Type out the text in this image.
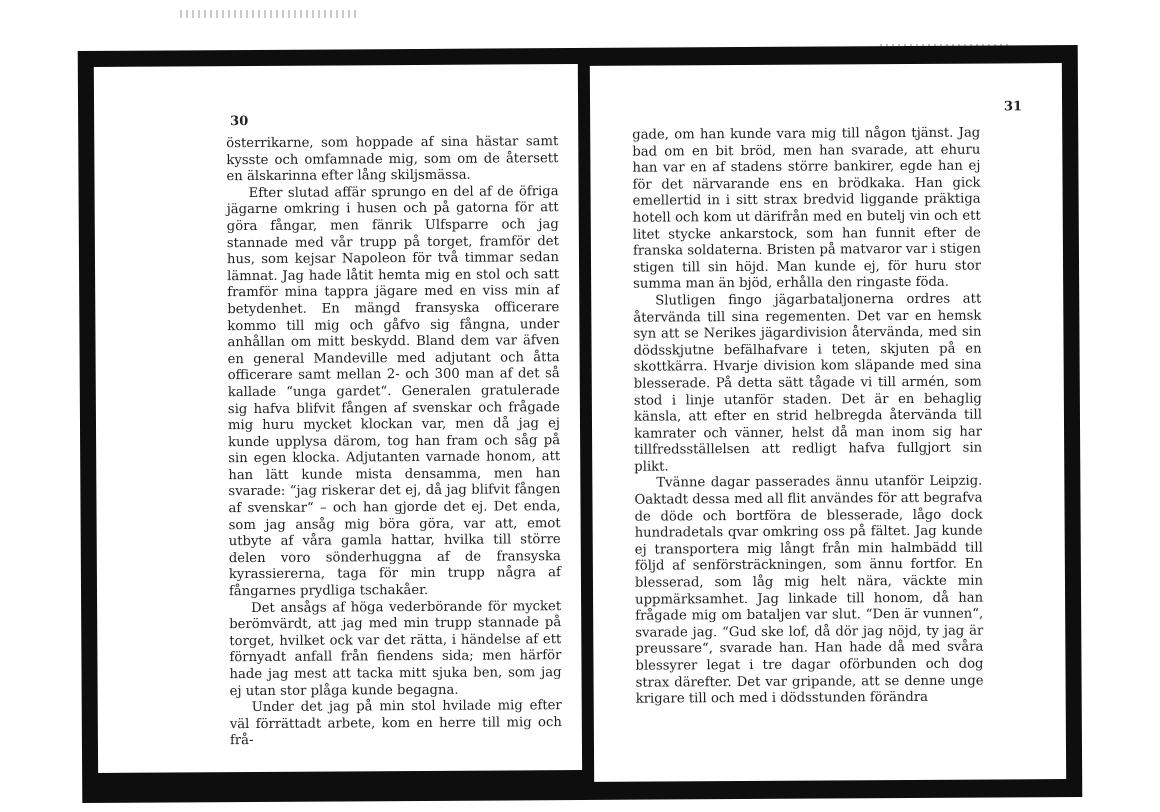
30

österrikarne, som hoppade af sina hästar samt kysste och omfamnade mig, som om de återsett en älskarinna efter lång skiljsmässa.

Efter slutad affär sprungo en del af de öfriga jägarne omkring i husen och på gatorna för att göra fångar, men fänrik Ulfsparre och jag stannade med vår trupp på torget, framför det hus, som kejsar Napoleon för två timmar sedan lämnat. Jag hade låtit hemta mig en stol och satt framför mina tappra jägare med en viss min af betydenhet. En mängd fransyska officerare kommo till mig och gåfvo sig fångna, under anhållan om mitt beskydd. Bland dem var äfven en general Mandeville med adjutant och åtta officerare samt mellan 2- och 300 man af det så kallade “unga gardet“. Generalen gratulerade sig hafva blifvit fången af svenskar och frågade mig huru mycket klockan var, men då jag ej kunde upplysa därom, tog han fram och såg på sin egen klocka. Adjutanten varnade honom, att han lätt kunde mista densamma, men han svarade: “jag riskerar det ej, då jag blifvit fången af svenskar“ – och han gjorde det ej. Det enda, som jag ansåg mig böra göra, var att, emot utbyte af våra gamla hattar, hvilka till större delen voro sönderhuggna af de fransyska kyrassiererna, taga för min trupp några af fångarnes prydliga tschakåer.

Det ansågs af höga vederbörande för mycket berömvärdt, att jag med min trupp stannade på torget, hvilket ock var det rätta, i händelse af ett förnyadt anfall från fiendens sida; men härför hade jag mest att tacka mitt sjuka ben, som jag ej utan stor plåga kunde begagna.

Under det jag på min stol hvilade mig efter väl förrättadt arbete, kom en herre till mig och frå-

31

gade, om han kunde vara mig till någon tjänst. Jag bad om en bit bröd, men han svarade, att ehuru han var en af stadens större bankirer, egde han ej för det närvarande ens en brödkaka. Han gick emellertid in i sitt strax bredvid liggande präktiga hotell och kom ut därifrån med en butelj vin och ett litet stycke ankarstock, som han funnit efter de franska soldaterna. Bristen på matvaror var i stigen stigen till sin höjd. Man kunde ej, för huru stor summa man än bjöd, erhålla den ringaste föda.

Slutligen fingo jägarbataljonerna ordres att återvända till sina regementen. Det var en hemsk syn att se Nerikes jägardivision återvända, med sin dödsskjutne befälhafvare i teten, skjuten på en skottkärra. Hvarje division kom släpande med sina blesserade. På detta sätt tågade vi till armén, som stod i linje utanför staden. Det är en behaglig känsla, att efter en strid helbregda återvända till kamrater och vänner, helst då man inom sig har tillfredsställelsen att redligt hafva fullgjort sin plikt.

Tvänne dagar passerades ännu utanför Leipzig. Oaktadt dessa med all flit användes för att begrafva de döde och bortföra de blesserade, lågo dock hundradetals qvar omkring oss på fältet. Jag kunde ej transportera mig långt från min halmbädd till följd af senförsträckningen, som ännu fortfor. En blesserad, som låg mig helt nära, väckte min uppmärksamhet. Jag linkade till honom, då han frågade mig om bataljen var slut. “Den är vunnen“, svarade jag. “Gud ske lof, då dör jag nöjd, ty jag är preussare“, svarade han. Han hade då med svåra blessyrer legat i tre dagar oförbunden och dog strax därefter. Det var gripande, att se denne unge krigare till och med i dödsstunden förändra
